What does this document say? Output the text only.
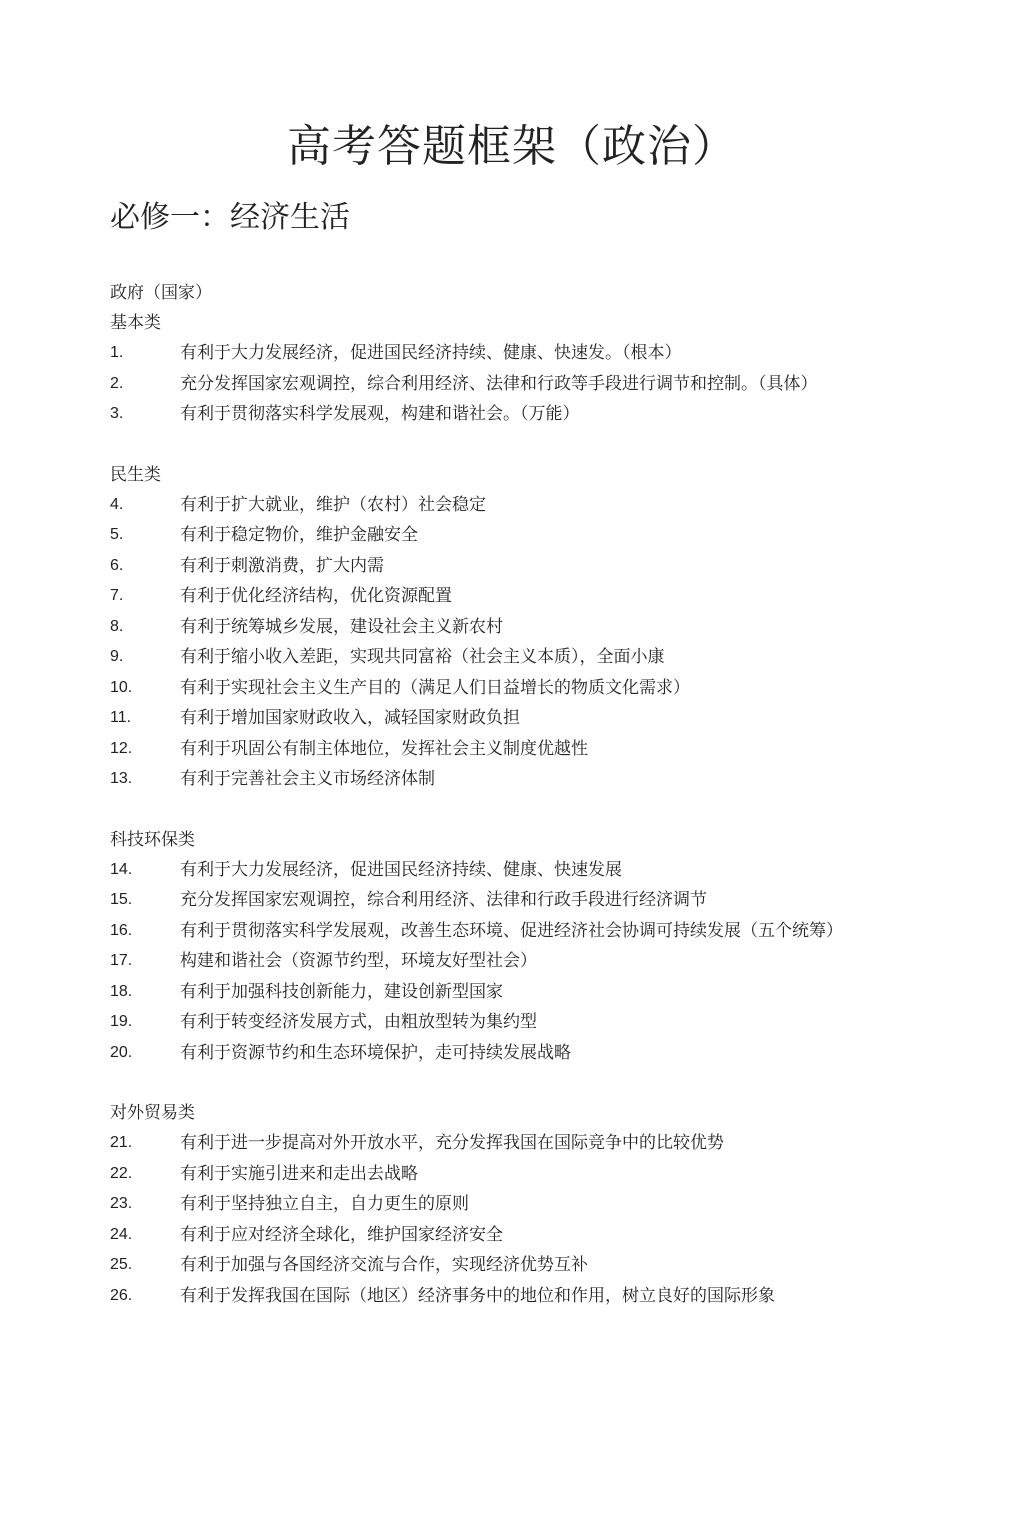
高考答题框架（政治）
必修一：经济生活
政府（国家）
基本类
1.	有利于大力发展经济，促进国民经济持续、健康、快速发。（根本）
2.	充分发挥国家宏观调控，综合利用经济、法律和行政等手段进行调节和控制。（具体）
3.	有利于贯彻落实科学发展观，构建和谐社会。（万能）
民生类
4.	有利于扩大就业，维护（农村）社会稳定
5.	有利于稳定物价，维护金融安全
6.	有利于刺激消费，扩大内需
7.	有利于优化经济结构，优化资源配置
8.	有利于统筹城乡发展，建设社会主义新农村
9.	有利于缩小收入差距，实现共同富裕（社会主义本质），全面小康
10.	有利于实现社会主义生产目的（满足人们日益增长的物质文化需求）
11.	有利于增加国家财政收入，减轻国家财政负担
12.	有利于巩固公有制主体地位，发挥社会主义制度优越性
13.	有利于完善社会主义市场经济体制
科技环保类
14.	有利于大力发展经济，促进国民经济持续、健康、快速发展
15.	充分发挥国家宏观调控，综合利用经济、法律和行政手段进行经济调节
16.	有利于贯彻落实科学发展观，改善生态环境、促进经济社会协调可持续发展（五个统筹）
17.	构建和谐社会（资源节约型，环境友好型社会）
18.	有利于加强科技创新能力，建设创新型国家
19.	有利于转变经济发展方式，由粗放型转为集约型
20.	有利于资源节约和生态环境保护，走可持续发展战略
对外贸易类
21.	有利于进一步提高对外开放水平，充分发挥我国在国际竞争中的比较优势
22.	有利于实施引进来和走出去战略
23.	有利于坚持独立自主，自力更生的原则
24.	有利于应对经济全球化，维护国家经济安全
25.	有利于加强与各国经济交流与合作，实现经济优势互补
26.	有利于发挥我国在国际（地区）经济事务中的地位和作用，树立良好的国际形象
